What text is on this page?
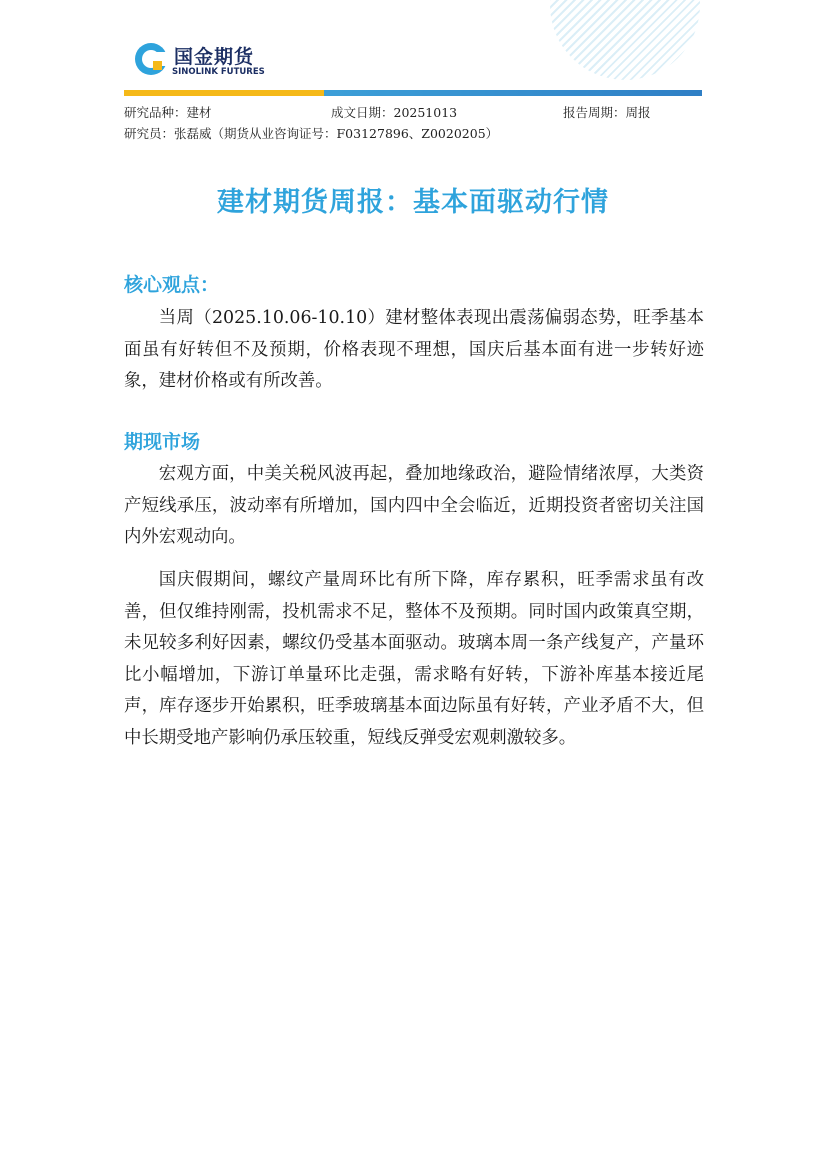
国金期货
SINOLINK FUTURES
研究品种：建材	成文日期：20251013	报告周期：周报
研究员：张磊威（期货从业咨询证号：F03127896、Z0020205）
建材期货周报：基本面驱动行情
核心观点：
当周（2025.10.06-10.10）建材整体表现出震荡偏弱态势，旺季基本面虽有好转但不及预期，价格表现不理想，国庆后基本面有进一步转好迹象，建材价格或有所改善。
期现市场
宏观方面，中美关税风波再起，叠加地缘政治，避险情绪浓厚，大类资产短线承压，波动率有所增加，国内四中全会临近，近期投资者密切关注国内外宏观动向。
国庆假期间，螺纹产量周环比有所下降，库存累积，旺季需求虽有改善，但仅维持刚需，投机需求不足，整体不及预期。同时国内政策真空期，未见较多利好因素，螺纹仍受基本面驱动。玻璃本周一条产线复产，产量环比小幅增加，下游订单量环比走强，需求略有好转，下游补库基本接近尾声，库存逐步开始累积，旺季玻璃基本面边际虽有好转，产业矛盾不大，但中长期受地产影响仍承压较重，短线反弹受宏观刺激较多。
